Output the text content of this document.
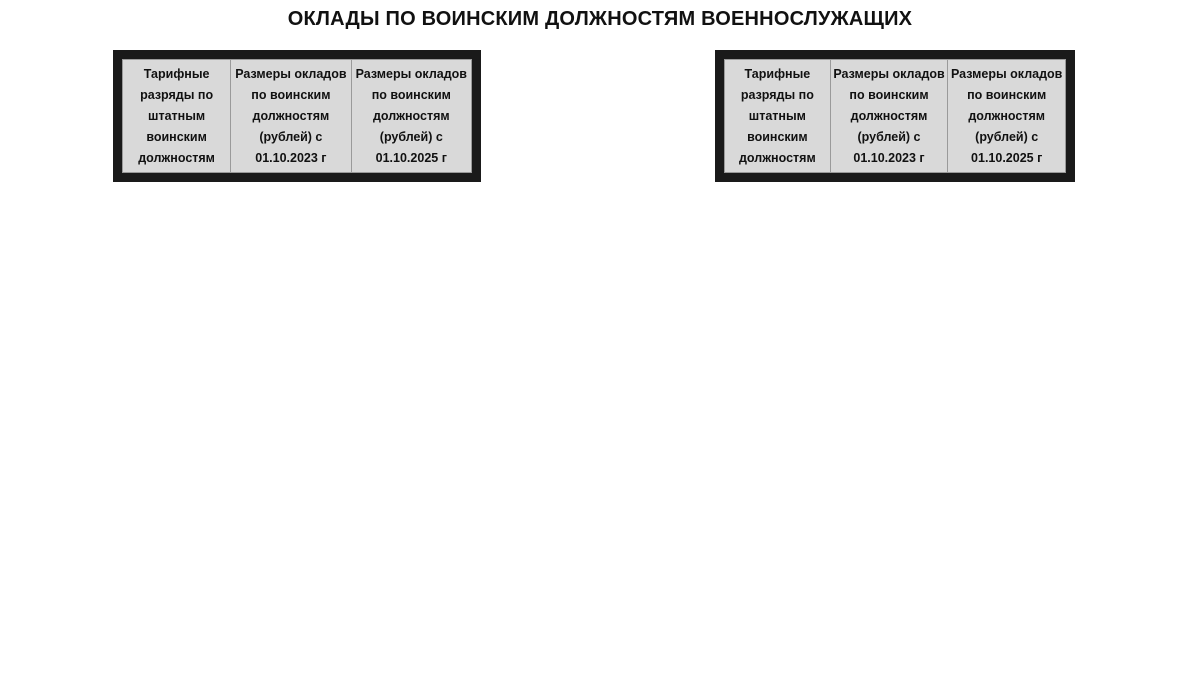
ОКЛАДЫ ПО ВОИНСКИМ ДОЛЖНОСТЯМ ВОЕННОСЛУЖАЩИХ
Тарифные разряды по штатным воинским должностям	Размеры окладов по воинским должностям (рублей) с 01.10.2023 г	Размеры окладов по воинским должностям (рублей) с 01.10.2025 г
Тарифные разряды по штатным воинским должностям	Размеры окладов по воинским должностям (рублей) с 01.10.2023 г	Размеры окладов по воинским должностям (рублей) с 01.10.2025 г
